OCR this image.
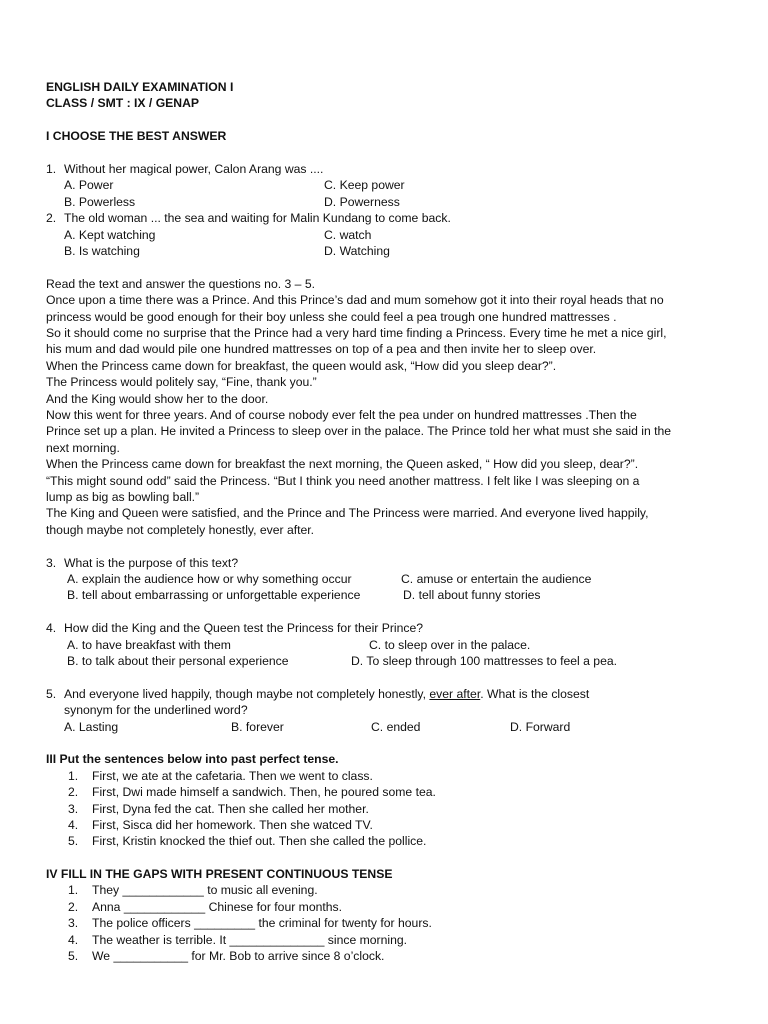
ENGLISH DAILY EXAMINATION I
CLASS / SMT : IX / GENAP
I CHOOSE THE BEST ANSWER
1. Without her magical power, Calon Arang was ....
A. Power	C. Keep power
B. Powerless	D. Powerness
2. The old woman ... the sea and waiting for Malin Kundang to come back.
A. Kept watching	C. watch
B. Is watching	D. Watching
Read the text and answer the questions no. 3 – 5.
Once upon a time there was a Prince. And this Prince’s dad and mum somehow got it into their royal heads that no
princess would be good enough for their boy unless she could feel a pea trough one hundred mattresses .
So it should come no surprise that the Prince had a very hard time finding a Princess. Every time he met a nice girl,
his mum and dad would pile one hundred mattresses on top of a pea and then invite her to sleep over.
When the Princess came down for breakfast, the queen would ask, “How did you sleep dear?”.
The Princess would politely say, “Fine, thank you.”
And the King would show her to the door.
Now this went for three years. And of course nobody ever felt the pea under on hundred mattresses .Then the
Prince set up a plan. He invited a Princess to sleep over in the palace. The Prince told her what must she said in the
next morning.
When the Princess came down for breakfast the next morning, the Queen asked, “ How did you sleep, dear?”.
“This might sound odd” said the Princess. “But I think you need another mattress. I felt like I was sleeping on a
lump as big as bowling ball.”
The King and Queen were satisfied, and the Prince and The Princess were married. And everyone lived happily,
though maybe not completely honestly, ever after.
3. What is the purpose of this text?
A. explain the audience how or why something occur	C. amuse or entertain the audience
B. tell about embarrassing or unforgettable experience	D. tell about funny stories
4. How did the King and the Queen test the Princess for their Prince?
A. to have breakfast with them	C. to sleep over in the palace.
B. to talk about their personal experience	D. To sleep through 100 mattresses to feel a pea.
5. And everyone lived happily, though maybe not completely honestly, ever after. What is the closest
synonym for the underlined word?
A. Lasting	B. forever	C. ended	D. Forward
III Put the sentences below into past perfect tense.
1. First, we ate at the cafetaria. Then we went to class.
2. First, Dwi made himself a sandwich. Then, he poured some tea.
3. First, Dyna fed the cat. Then she called her mother.
4. First, Sisca did her homework. Then she watced TV.
5. First, Kristin knocked the thief out. Then she called the pollice.
IV FILL IN THE GAPS WITH PRESENT CONTINUOUS TENSE
1. They ____________ to music all evening.
2. Anna ____________ Chinese for four months.
3. The police officers _________ the criminal for twenty for hours.
4. The weather is terrible. It ______________ since morning.
5. We ___________ for Mr. Bob to arrive since 8 o’clock.
